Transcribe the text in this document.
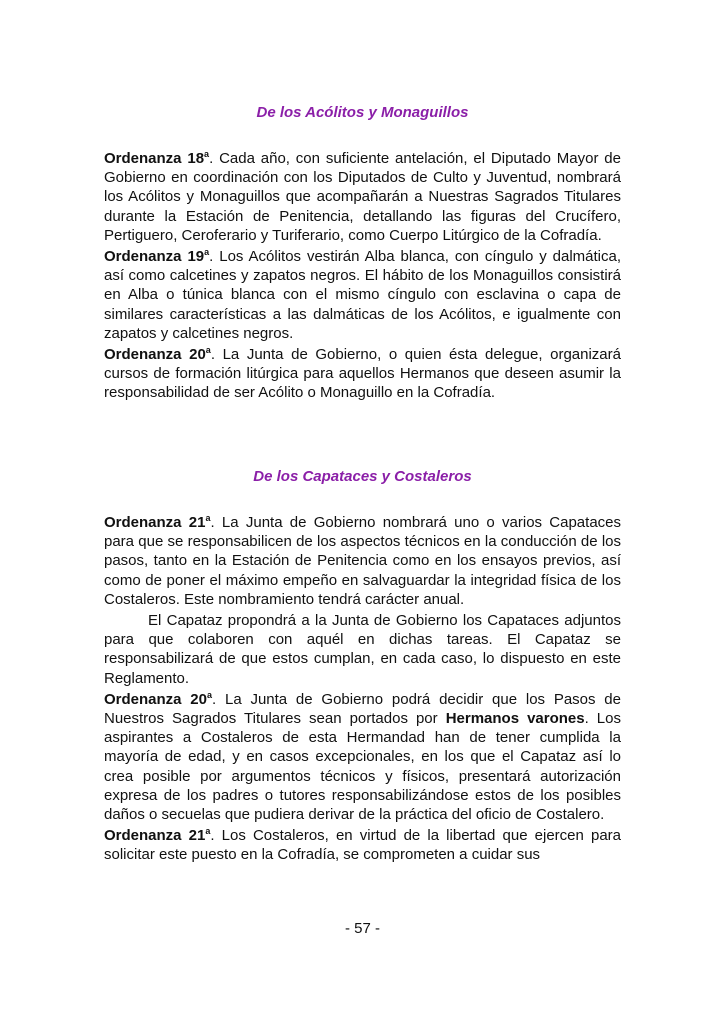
De los Acólitos y Monaguillos

Ordenanza 18$^a$. Cada año, con suficiente antelación, el Diputado Mayor de Gobierno en coordinación con los Diputados de Culto y Juventud, nombrará los Acólitos y Monaguillos que acompañarán a Nuestras Sagrados Titulares durante la Estación de Penitencia, detallando las figuras del Crucífero, Pertiguero, Ceroferario y Turiferario, como Cuerpo Litúrgico de la Cofradía.

Ordenanza 19$^a$. Los Acólitos vestirán Alba blanca, con cíngulo y dalmática, así como calcetines y zapatos negros. El hábito de los Monaguillos consistirá en Alba o túnica blanca con el mismo cíngulo con esclavina o capa de similares características a las dalmáticas de los Acólitos, e igualmente con zapatos y calcetines negros.

Ordenanza 20$^a$. La Junta de Gobierno, o quien ésta delegue, organizará cursos de formación litúrgica para aquellos Hermanos que deseen asumir la responsabilidad de ser Acólito o Monaguillo en la Cofradía.

De los Capataces y Costaleros

Ordenanza 21$^a$. La Junta de Gobierno nombrará uno o varios Capataces para que se responsabilicen de los aspectos técnicos en la conducción de los pasos, tanto en la Estación de Penitencia como en los ensayos previos, así como de poner el máximo empeño en salvaguardar la integridad física de los Costaleros. Este nombramiento tendrá carácter anual.

El Capataz propondrá a la Junta de Gobierno los Capataces adjuntos para que colaboren con aquél en dichas tareas. El Capataz se responsabilizará de que estos cumplan, en cada caso, lo dispuesto en este Reglamento.

Ordenanza 20$^a$. La Junta de Gobierno podrá decidir que los Pasos de Nuestros Sagrados Titulares sean portados por Hermanos varones. Los aspirantes a Costaleros de esta Hermandad han de tener cumplida la mayoría de edad, y en casos excepcionales, en los que el Capataz así lo crea posible por argumentos técnicos y físicos, presentará autorización expresa de los padres o tutores responsabilizándose estos de los posibles daños o secuelas que pudiera derivar de la práctica del oficio de Costalero.

Ordenanza 21$^a$. Los Costaleros, en virtud de la libertad que ejercen para solicitar este puesto en la Cofradía, se comprometen a cuidar sus

- 57 -
